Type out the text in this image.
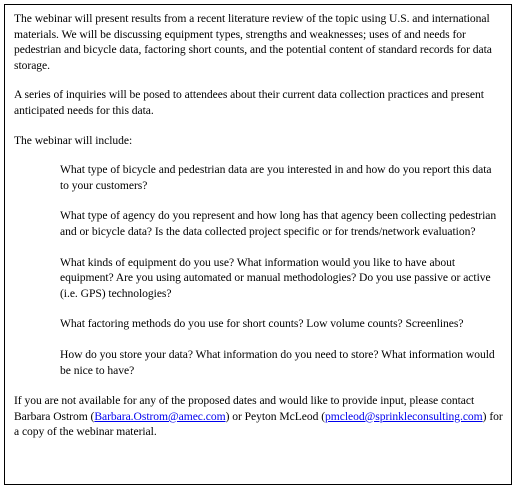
The webinar will present results from a recent literature review of the topic using U.S. and international materials. We will be discussing equipment types, strengths and weaknesses; uses of and needs for pedestrian and bicycle data, factoring short counts, and the potential content of standard records for data storage.

A series of inquiries will be posed to attendees about their current data collection practices and present anticipated needs for this data.

The webinar will include:

What type of bicycle and pedestrian data are you interested in and how do you report this data to your customers?

What type of agency do you represent and how long has that agency been collecting pedestrian and or bicycle data? Is the data collected project specific or for trends/network evaluation?

What kinds of equipment do you use? What information would you like to have about equipment? Are you using automated or manual methodologies? Do you use passive or active (i.e. GPS) technologies?

What factoring methods do you use for short counts? Low volume counts? Screenlines?

How do you store your data? What information do you need to store? What information would be nice to have?

If you are not available for any of the proposed dates and would like to provide input, please contact Barbara Ostrom (Barbara.Ostrom@amec.com) or Peyton McLeod (pmcleod@sprinkleconsulting.com) for a copy of the webinar material.
